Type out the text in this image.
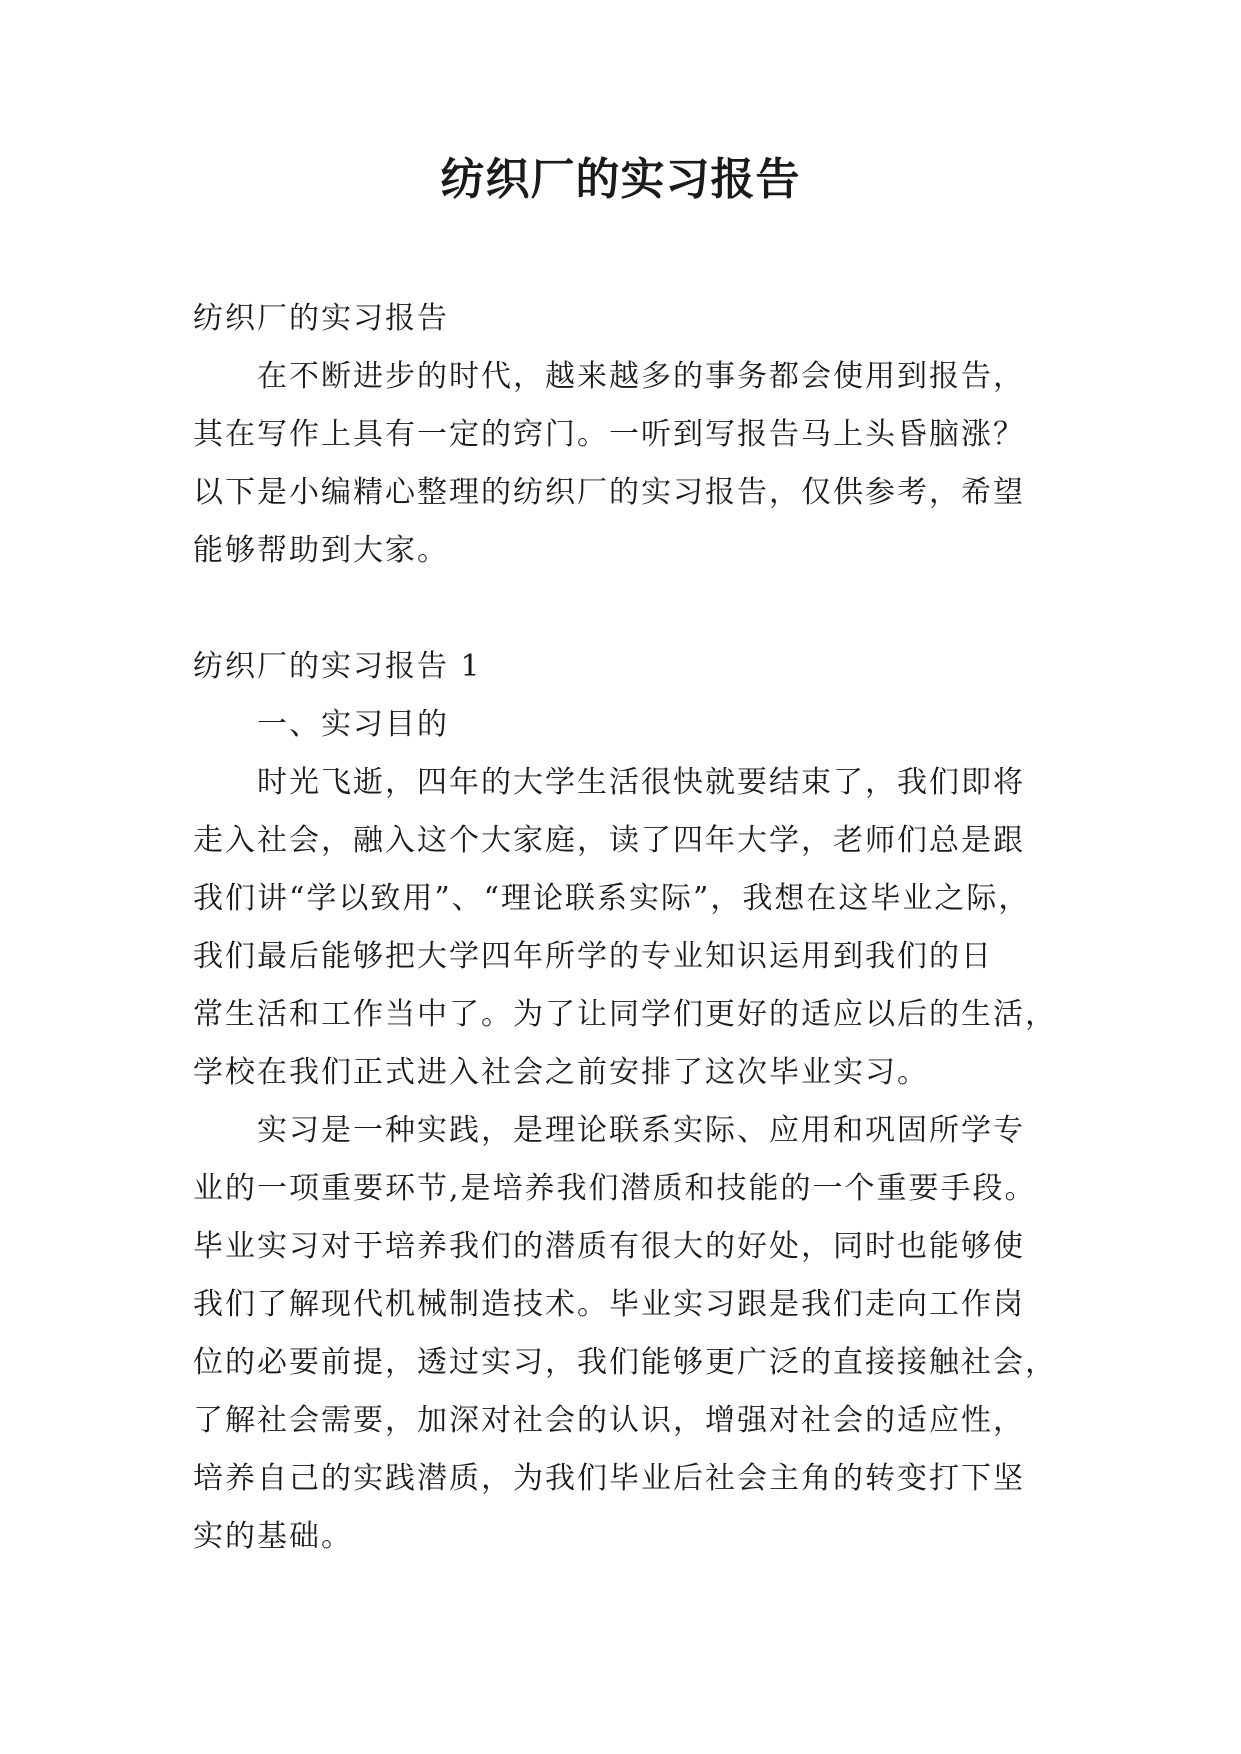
纺织厂的实习报告
纺织厂的实习报告
在不断进步的时代，越来越多的事务都会使用到报告，
其在写作上具有一定的窍门。一听到写报告马上头昏脑涨？
以下是小编精心整理的纺织厂的实习报告，仅供参考，希望
能够帮助到大家。
纺织厂的实习报告 1
一、实习目的
时光飞逝，四年的大学生活很快就要结束了，我们即将
走入社会，融入这个大家庭，读了四年大学，老师们总是跟
我们讲“学以致用”、“理论联系实际”，我想在这毕业之际，
我们最后能够把大学四年所学的专业知识运用到我们的日
常生活和工作当中了。为了让同学们更好的适应以后的生活，
学校在我们正式进入社会之前安排了这次毕业实习。
实习是一种实践，是理论联系实际、应用和巩固所学专
业的一项重要环节,是培养我们潜质和技能的一个重要手段。
毕业实习对于培养我们的潜质有很大的好处，同时也能够使
我们了解现代机械制造技术。毕业实习跟是我们走向工作岗
位的必要前提，透过实习，我们能够更广泛的直接接触社会，
了解社会需要，加深对社会的认识，增强对社会的适应性，
培养自己的实践潜质，为我们毕业后社会主角的转变打下坚
实的基础。
